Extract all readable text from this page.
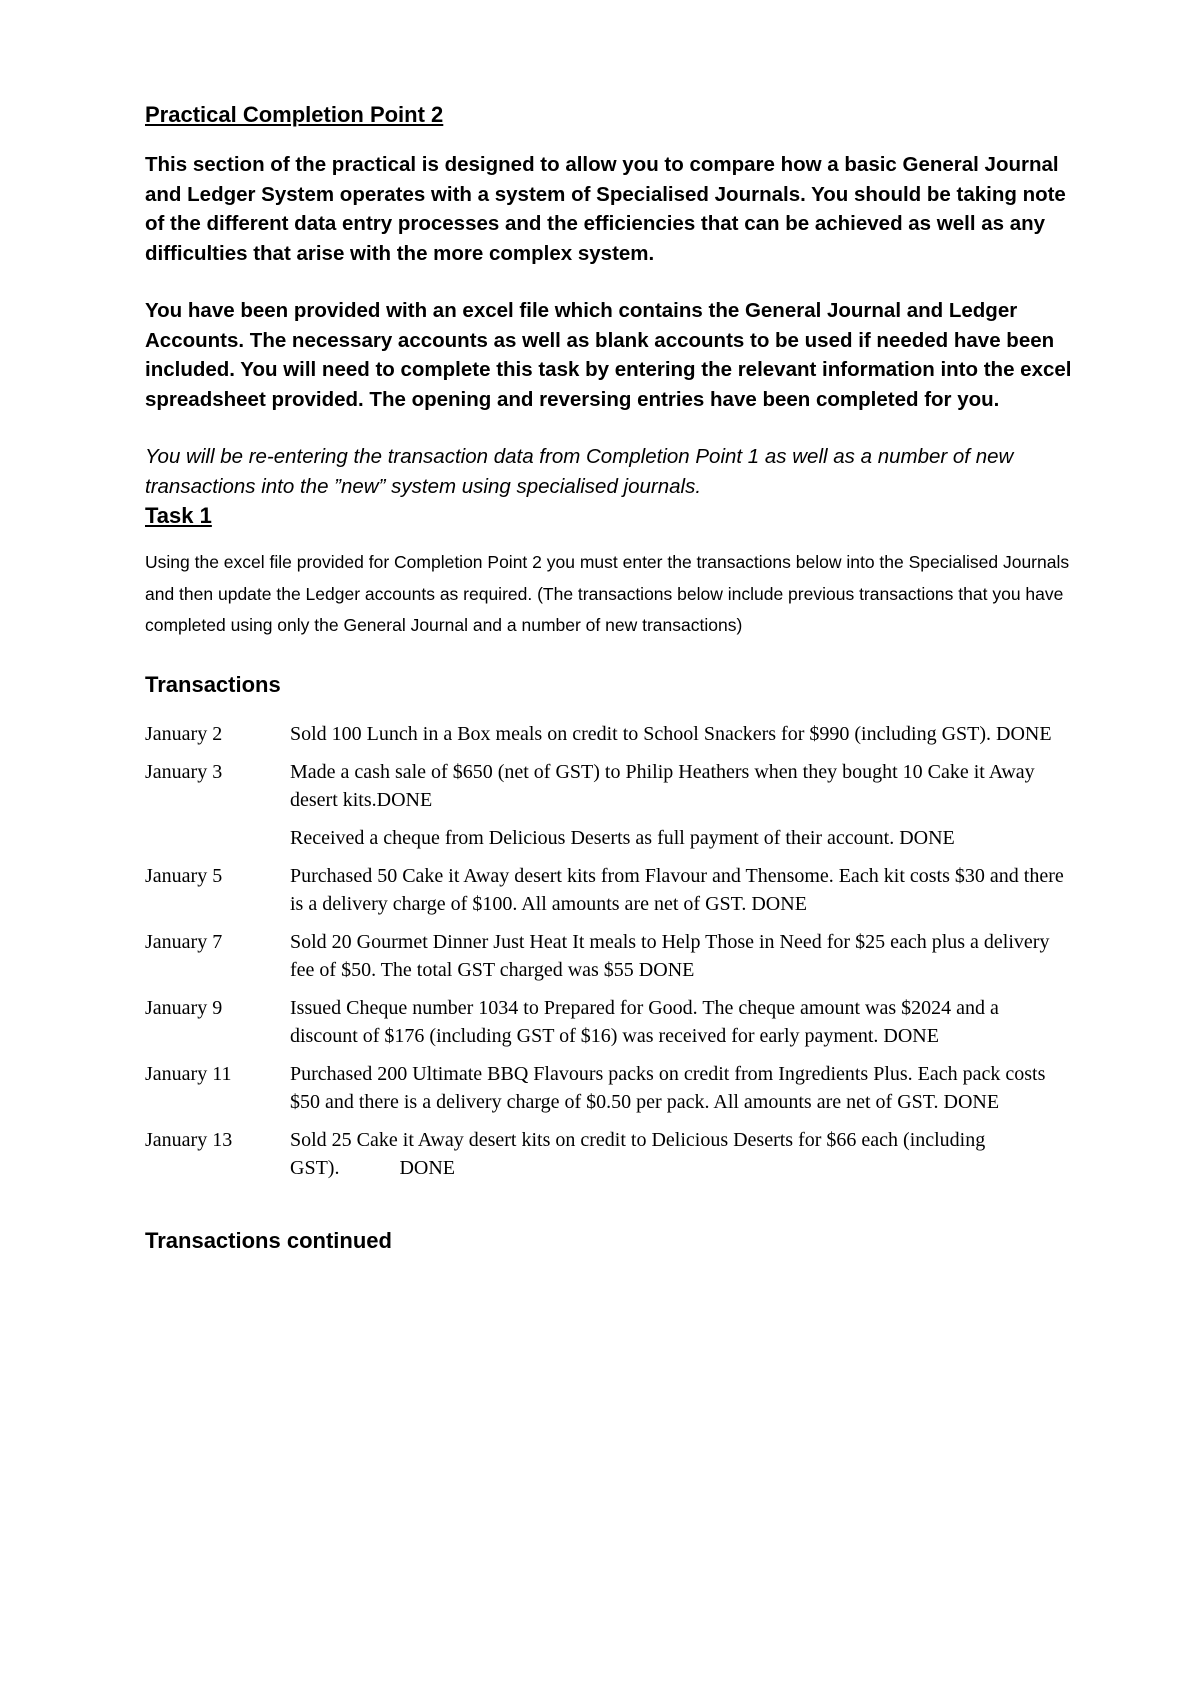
Practical Completion Point 2
This section of the practical is designed to allow you to compare how a basic General Journal and Ledger System operates with a system of Specialised Journals. You should be taking note of the different data entry processes and the efficiencies that can be achieved as well as any difficulties that arise with the more complex system.
You have been provided with an excel file which contains the General Journal and Ledger Accounts. The necessary accounts as well as blank accounts to be used if needed have been included. You will need to complete this task by entering the relevant information into the excel spreadsheet provided. The opening and reversing entries have been completed for you.
You will be re-entering the transaction data from Completion Point 1 as well as a number of new transactions into the ”new” system using specialised journals.
Task 1
Using the excel file provided for Completion Point 2 you must enter the transactions below into the Specialised Journals and then update the Ledger accounts as required. (The transactions below include previous transactions that you have completed using only the General Journal and a number of new transactions)
Transactions
January 2	Sold 100 Lunch in a Box meals on credit to School Snackers for $990 (including GST). DONE
January 3	Made a cash sale of $650 (net of GST) to Philip Heathers when they bought 10 Cake it Away desert kits.DONE
Received a cheque from Delicious Deserts as full payment of their account. DONE
January 5	Purchased 50 Cake it Away desert kits from Flavour and Thensome. Each kit costs $30 and there is a delivery charge of $100. All amounts are net of GST. DONE
January 7	Sold 20 Gourmet Dinner Just Heat It meals to Help Those in Need for $25 each plus a delivery fee of $50. The total GST charged was $55 DONE
January 9	Issued Cheque number 1034 to Prepared for Good. The cheque amount was $2024 and a discount of $176 (including GST of $16) was received for early payment. DONE
January 11	Purchased 200 Ultimate BBQ Flavours packs on credit from Ingredients Plus. Each pack costs $50 and there is a delivery charge of $0.50 per pack. All amounts are net of GST. DONE
January 13	Sold 25 Cake it Away desert kits on credit to Delicious Deserts for $66 each (including GST).            DONE
Transactions continued
